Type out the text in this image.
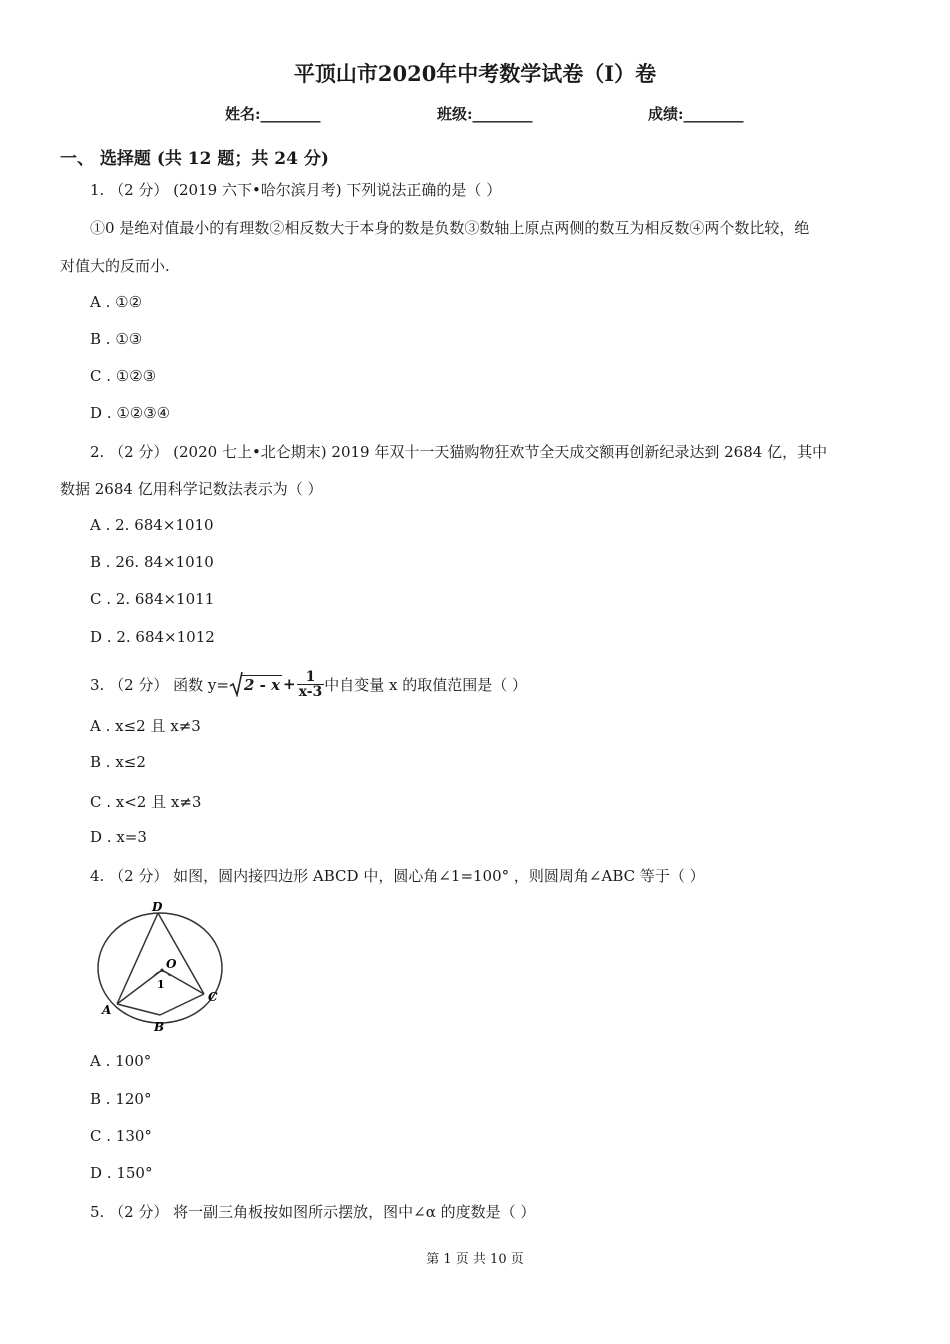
平顶山市2020年中考数学试卷（I）卷
姓名:________	班级:________	成绩:________
一、 选择题 (共 12 题；共 24 分)
1. （2 分） (2019 六下•哈尔滨月考) 下列说法正确的是（ ）
①0 是绝对值最小的有理数②相反数大于本身的数是负数③数轴上原点两侧的数互为相反数④两个数比较，绝
对值大的反而小.
A . ①②
B . ①③
C . ①②③
D . ①②③④
2. （2 分） (2020 七上•北仑期末) 2019 年双十一天猫购物狂欢节全天成交额再创新纪录达到 2684 亿，其中
数据 2684 亿用科学记数法表示为（ ）
A . 2. 684×1010
B . 26. 84×1010
C . 2. 684×1011
D . 2. 684×1012
3. （2 分） 函数 $y= 2 - x + \frac{1}{x-3}$ 中自变量 x 的取值范围是（ ）
A . x≤2 且 x≠3
B . x≤2
C . x<2 且 x≠3
D . x=3
4. （2 分） 如图，圆内接四边形 ABCD 中，圆心角∠1=100° ，则圆周角∠ABC 等于（ ）
D
O
1
A
B
C
A . 100°
B . 120°
C . 130°
D . 150°
5. （2 分） 将一副三角板按如图所示摆放，图中∠α 的度数是（ ）
第 1 页 共 10 页
